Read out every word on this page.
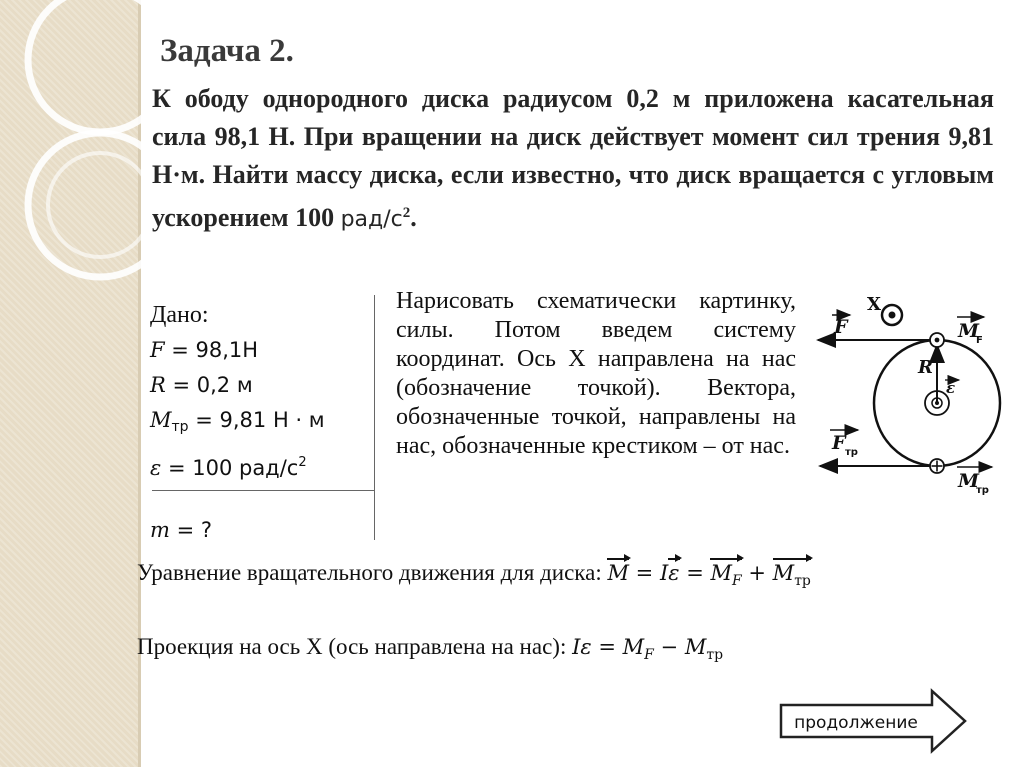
Задача 2.
К ободу однородного диска радиусом 0,2 м приложена касательная сила 98,1 Н. При вращении на диск действует момент сил трения 9,81 Н·м. Найти массу диска, если известно, что диск вращается с угловым ускорением 100 рад/$с^2$.
Дано:
F = 98,1Н
R = 0,2 м
$M_{тр} = 9,81$ Н ⋅ м
ε = 100 рад/$с^2$
m = ?
Нарисовать схематически картинку, силы. Потом введем систему координат. Ось X направлена на нас (обозначение точкой). Вектора, обозначенные точкой, направлены на нас, обозначенные крестиком – от нас.
X
F
F тр
R
ε
M
F
M
тр
Уравнение вращательного движения для диска: $M = I\varepsilon = M_F + M_{тр}$
Проекция на ось X (ось направлена на нас): $I\varepsilon = M_F - M_{тр}$
продолжение
